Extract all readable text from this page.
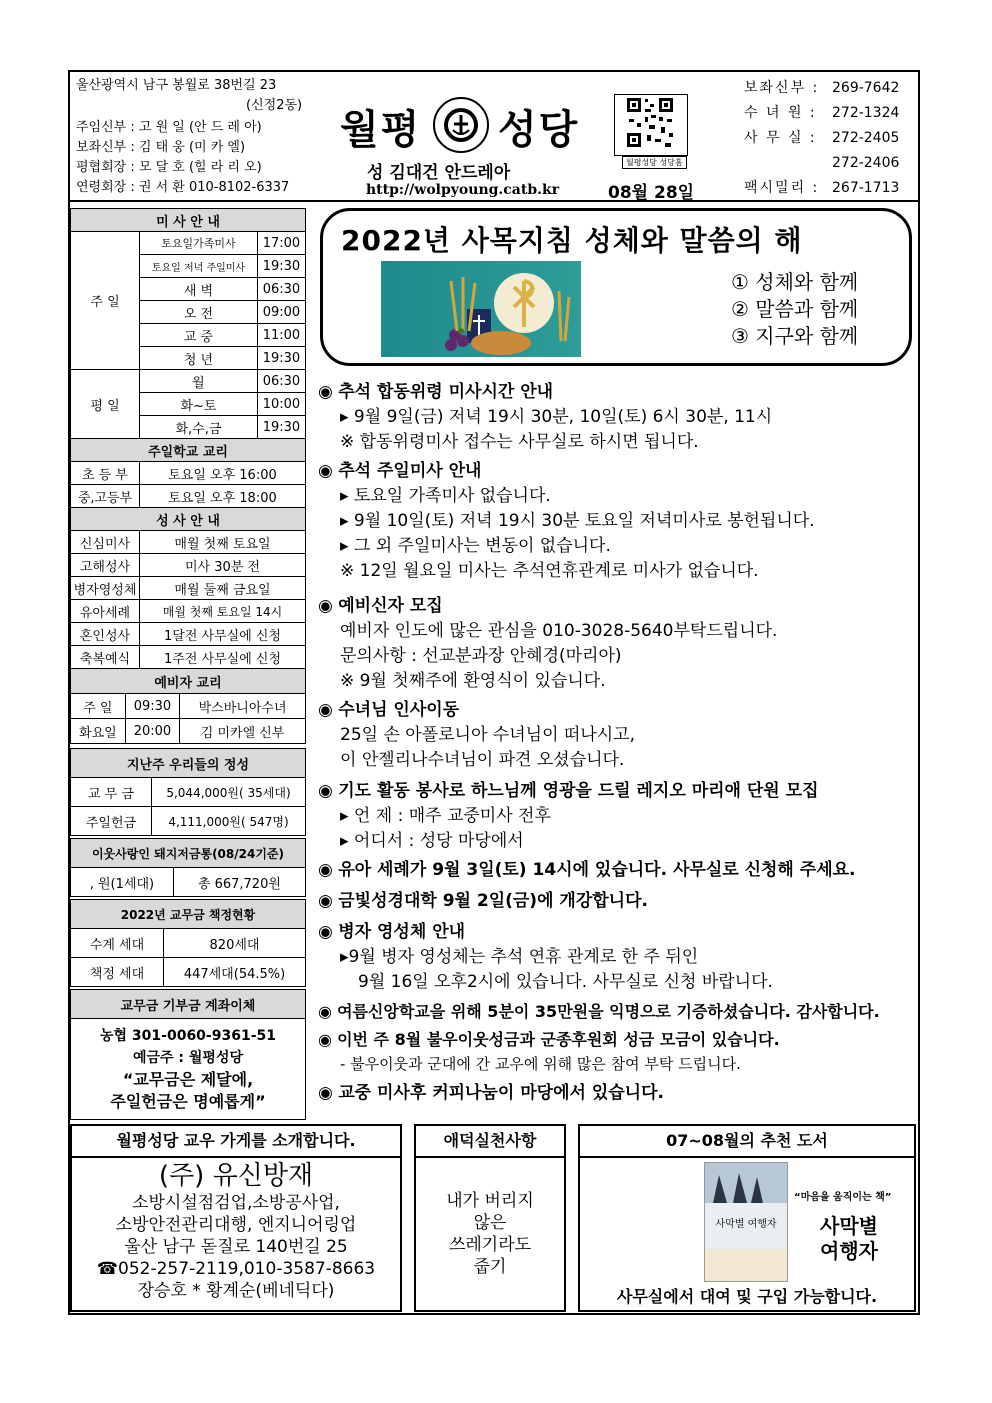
울산광역시 남구 봉월로 38번길 23
(신정2동)
주임신부 : 고 원 일 (안 드 레 아)
보좌신부 : 김 태 웅 (미 카 엘)
평협회장 : 모 달 호 (힐 라 리 오)
연령회장 : 권 서 환 010-8102-6337
월평 성당
성 김대건 안드레아
http://wolpyoung.catb.kr
월평성당 성당홈
08월 28일
보좌신부 : 269-7642
수 녀 원 : 272-1324
사 무 실 : 272-2405
272-2406
팩시밀리 : 267-1713
미 사 안 내		
주 일	토요일가족미사	17:00
	토요일 저녁 주일미사	19:30
	새 벽	06:30
	오 전	09:00
	교 중	11:00
	청 년	19:30
평 일	월	06:30
	화~토	10:00
	화,수,금	19:30
주일학교 교리		
초 등 부	토요일 오후 16:00	
중,고등부	토요일 오후 18:00	
성 사 안 내		
신심미사	매월 첫째 토요일	
고해성사	미사 30분 전	
병자영성체	매월 둘째 금요일	
유아세례	매월 첫째 토요일 14시	
혼인성사	1달전 사무실에 신청	
축복예식	1주전 사무실에 신청	
예비자 교리		
주 일	09:30	박스바니아수녀
화요일	20:00	김 미카엘 신부
지난주 우리들의 정성	
교 무 금	5,044,000원( 35세대)
주일헌금	4,111,000원( 547명)
이웃사랑인 돼지저금통(08/24기준)
, 원(1세대)	총 667,720원
2022년 교무금 책정현황	
수계 세대	820세대
책정 세대	447세대(54.5%)
교무금 기부금 계좌이체

농협 301-0060-9361-51
예금주 : 월평성당
“교무금은 제달에,
주일헌금은 명예롭게”
2022년 사목지침 성체와 말씀의 해
① 성체와 함께
② 말씀과 함께
③ 지구와 함께
◉ 추석 합동위령 미사시간 안내
▸ 9월 9일(금) 저녁 19시 30분, 10일(토) 6시 30분, 11시
※ 합동위령미사 접수는 사무실로 하시면 됩니다.
◉ 추석 주일미사 안내
▸ 토요일 가족미사 없습니다.
▸ 9월 10일(토) 저녁 19시 30분 토요일 저녁미사로 봉헌됩니다.
▸ 그 외 주일미사는 변동이 없습니다.
※ 12일 월요일 미사는 추석연휴관계로 미사가 없습니다.
◉ 예비신자 모집
예비자 인도에 많은 관심을 010-3028-5640부탁드립니다.
문의사항 : 선교분과장 안혜경(마리아)
※ 9월 첫째주에 환영식이 있습니다.
◉ 수녀님 인사이동
25일 손 아폴로니아 수녀님이 떠나시고,
이 안젤리나수녀님이 파견 오셨습니다.
◉ 기도 활동 봉사로 하느님께 영광을 드릴 레지오 마리애 단원 모집
▸ 언 제 : 매주 교중미사 전후
▸ 어디서 : 성당 마당에서
◉ 유아 세례가 9월 3일(토) 14시에 있습니다. 사무실로 신청해 주세요.
◉ 금빛성경대학 9월 2일(금)에 개강합니다.
◉ 병자 영성체 안내
▸9월 병자 영성체는 추석 연휴 관계로 한 주 뒤인
9월 16일 오후2시에 있습니다. 사무실로 신청 바랍니다.
◉ 여름신앙학교을 위해 5분이 35만원을 익명으로 기증하셨습니다. 감사합니다.
◉ 이번 주 8월 불우이웃성금과 군종후원회 성금 모금이 있습니다.
- 불우이웃과 군대에 간 교우에 위해 많은 참여 부탁 드립니다.
◉ 교중 미사후 커피나눔이 마당에서 있습니다.
월평성당 교우 가게를 소개합니다.
(주) 유신방재
소방시설점검업,소방공사업,
소방안전관리대행, 엔지니어링업
울산 남구 돋질로 140번길 25
☎052-257-2119,010-3587-8663
장승호 * 황계순(베네딕다)
애덕실천사항
내가 버리지
않은
쓰레기라도
줍기
07~08월의 추천 도서
사막별 여행자
“마음을 움직이는 책”
사막별
여행자
사무실에서 대여 및 구입 가능합니다.
